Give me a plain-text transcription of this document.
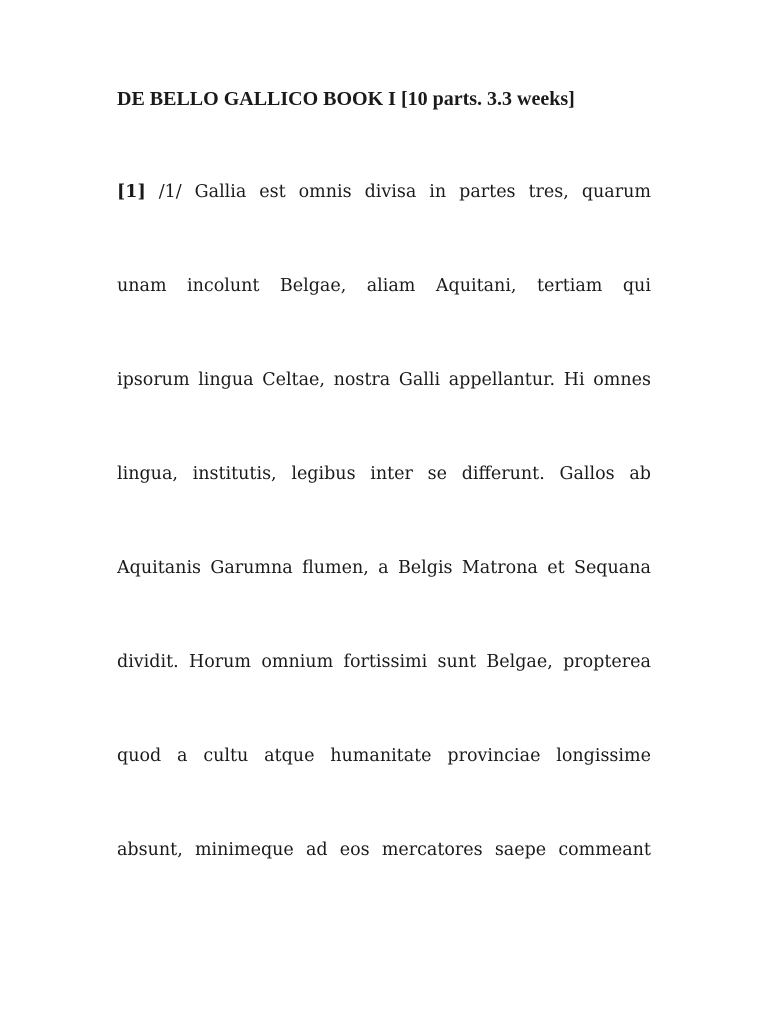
DE BELLO GALLICO BOOK I [10 parts. 3.3 weeks]
[1] /1/ Gallia est omnis divisa in partes tres, quarum
unam incolunt Belgae, aliam Aquitani, tertiam qui
ipsorum lingua Celtae, nostra Galli appellantur. Hi omnes
lingua, institutis, legibus inter se differunt. Gallos ab
Aquitanis Garumna flumen, a Belgis Matrona et Sequana
dividit. Horum omnium fortissimi sunt Belgae, propterea
quod a cultu atque humanitate provinciae longissime
absunt, minimeque ad eos mercatores saepe commeant
